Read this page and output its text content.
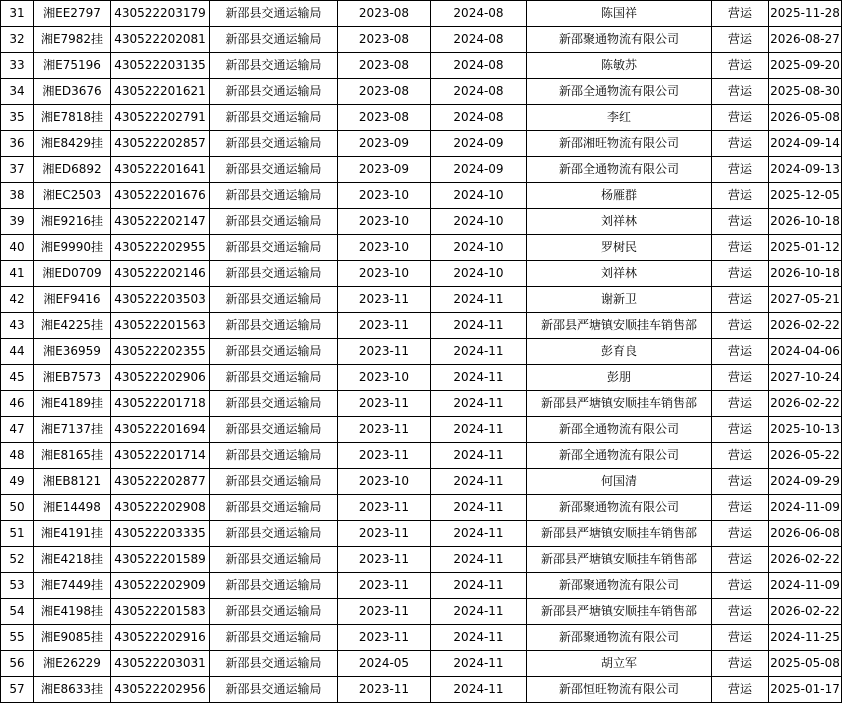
31	湘EE2797	430522203179	新邵县交通运输局	2023-08	2024-08	陈国祥	营运	2025-11-28
32	湘E7982挂	430522202081	新邵县交通运输局	2023-08	2024-08	新邵聚通物流有限公司	营运	2026-08-27
33	湘E75196	430522203135	新邵县交通运输局	2023-08	2024-08	陈敏苏	营运	2025-09-20
34	湘ED3676	430522201621	新邵县交通运输局	2023-08	2024-08	新邵全通物流有限公司	营运	2025-08-30
35	湘E7818挂	430522202791	新邵县交通运输局	2023-08	2024-08	李红	营运	2026-05-08
36	湘E8429挂	430522202857	新邵县交通运输局	2023-09	2024-09	新邵湘旺物流有限公司	营运	2024-09-14
37	湘ED6892	430522201641	新邵县交通运输局	2023-09	2024-09	新邵全通物流有限公司	营运	2024-09-13
38	湘EC2503	430522201676	新邵县交通运输局	2023-10	2024-10	杨雁群	营运	2025-12-05
39	湘E9216挂	430522202147	新邵县交通运输局	2023-10	2024-10	刘祥林	营运	2026-10-18
40	湘E9990挂	430522202955	新邵县交通运输局	2023-10	2024-10	罗树民	营运	2025-01-12
41	湘ED0709	430522202146	新邵县交通运输局	2023-10	2024-10	刘祥林	营运	2026-10-18
42	湘EF9416	430522203503	新邵县交通运输局	2023-11	2024-11	谢新卫	营运	2027-05-21
43	湘E4225挂	430522201563	新邵县交通运输局	2023-11	2024-11	新邵县严塘镇安顺挂车销售部	营运	2026-02-22
44	湘E36959	430522202355	新邵县交通运输局	2023-11	2024-11	彭育良	营运	2024-04-06
45	湘EB7573	430522202906	新邵县交通运输局	2023-10	2024-11	彭朋	营运	2027-10-24
46	湘E4189挂	430522201718	新邵县交通运输局	2023-11	2024-11	新邵县严塘镇安顺挂车销售部	营运	2026-02-22
47	湘E7137挂	430522201694	新邵县交通运输局	2023-11	2024-11	新邵全通物流有限公司	营运	2025-10-13
48	湘E8165挂	430522201714	新邵县交通运输局	2023-11	2024-11	新邵全通物流有限公司	营运	2026-05-22
49	湘EB8121	430522202877	新邵县交通运输局	2023-10	2024-11	何国清	营运	2024-09-29
50	湘E14498	430522202908	新邵县交通运输局	2023-11	2024-11	新邵聚通物流有限公司	营运	2024-11-09
51	湘E4191挂	430522203335	新邵县交通运输局	2023-11	2024-11	新邵县严塘镇安顺挂车销售部	营运	2026-06-08
52	湘E4218挂	430522201589	新邵县交通运输局	2023-11	2024-11	新邵县严塘镇安顺挂车销售部	营运	2026-02-22
53	湘E7449挂	430522202909	新邵县交通运输局	2023-11	2024-11	新邵聚通物流有限公司	营运	2024-11-09
54	湘E4198挂	430522201583	新邵县交通运输局	2023-11	2024-11	新邵县严塘镇安顺挂车销售部	营运	2026-02-22
55	湘E9085挂	430522202916	新邵县交通运输局	2023-11	2024-11	新邵聚通物流有限公司	营运	2024-11-25
56	湘E26229	430522203031	新邵县交通运输局	2024-05	2024-11	胡立军	营运	2025-05-08
57	湘E8633挂	430522202956	新邵县交通运输局	2023-11	2024-11	新邵恒旺物流有限公司	营运	2025-01-17
